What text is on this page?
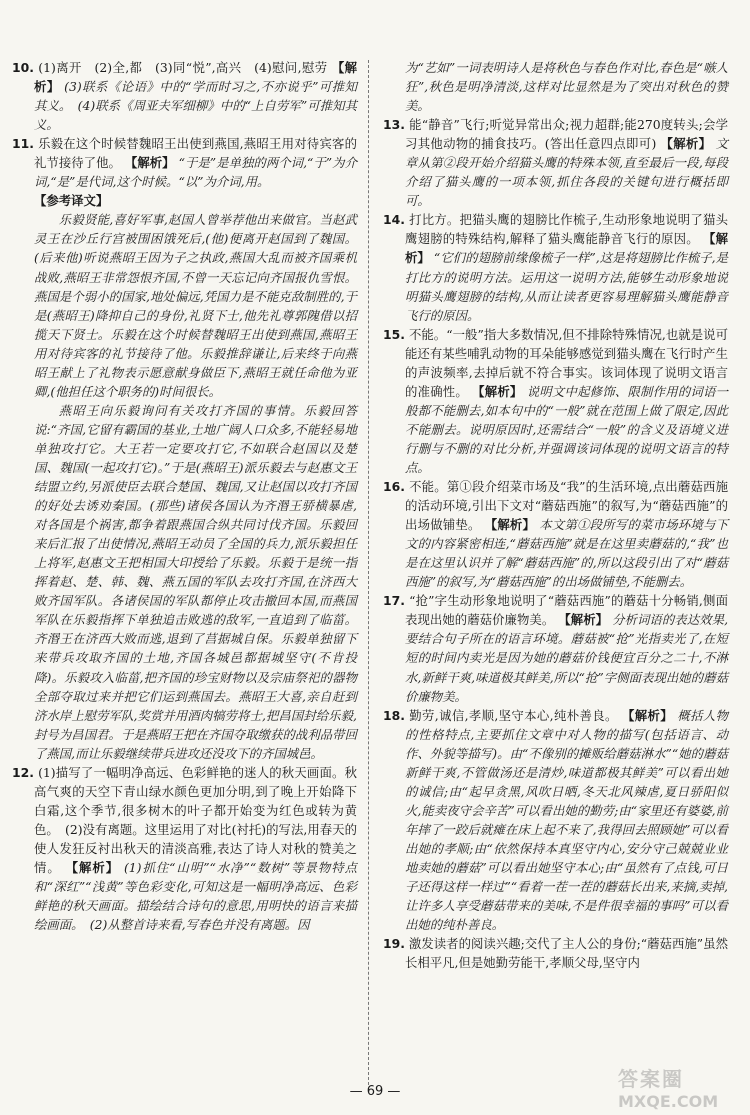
10. (1)离开　(2)全,都　(3)同“悦”,高兴　(4)慰问,慰劳 【解析】 (3)联系《论语》中的“学而时习之,不亦说乎”可推知其义。　(4)联系《周亚夫军细柳》中的“上自劳军”可推知其义。
11. 乐毅在这个时候替魏昭王出使到燕国,燕昭王用对待宾客的礼节接待了他。 【解析】 “于是”是单独的两个词,“于”为介词,“是”是代词,这个时候。“以”为介词,用。
【参考译文】
乐毅贤能,喜好军事,赵国人曾举荐他出来做官。当赵武灵王在沙丘行宫被围困饿死后,(他)便离开赵国到了魏国。(后来他)听说燕昭王因为子之执政,燕国大乱而被齐国乘机战败,燕昭王非常怨恨齐国,不曾一天忘记向齐国报仇雪恨。燕国是个弱小的国家,地处偏远,凭国力是不能克敌制胜的,于是(燕昭王)降抑自己的身份,礼贤下士,他先礼尊郭隗借以招揽天下贤士。乐毅在这个时候替魏昭王出使到燕国,燕昭王用对待宾客的礼节接待了他。乐毅推辞谦让,后来终于向燕昭王献上了礼物表示愿意献身做臣下,燕昭王就任命他为亚卿,(他担任这个职务的)时间很长。
燕昭王向乐毅询问有关攻打齐国的事情。乐毅回答说:“齐国,它留有霸国的基业,土地广阔人口众多,不能轻易地单独攻打它。大王若一定要攻打它,不如联合赵国以及楚国、魏国(一起攻打它)。”于是(燕昭王)派乐毅去与赵惠文王结盟立约,另派使臣去联合楚国、魏国,又让赵国以攻打齐国的好处去诱劝秦国。(那些)诸侯各国认为齐湣王骄横暴虐,对各国是个祸害,都争着跟燕国合纵共同讨伐齐国。乐毅回来后汇报了出使情况,燕昭王动员了全国的兵力,派乐毅担任上将军,赵惠文王把相国大印授给了乐毅。乐毅于是统一指挥着赵、楚、韩、魏、燕五国的军队去攻打齐国,在济西大败齐国军队。各诸侯国的军队都停止攻击撤回本国,而燕国军队在乐毅指挥下单独追击败逃的敌军,一直追到了临菑。齐湣王在济西大败而逃,退到了莒据城自保。乐毅单独留下来带兵攻取齐国的土地,齐国各城邑都据城坚守(不肯投降)。乐毅攻入临菑,把齐国的珍宝财物以及宗庙祭祀的器物全部夺取过来并把它们运到燕国去。燕昭王大喜,亲自赶到济水岸上慰劳军队,奖赏并用酒肉犒劳将士,把昌国封给乐毅,封号为昌国君。于是燕昭王把在齐国夺取缴获的战利品带回了燕国,而让乐毅继续带兵进攻还没攻下的齐国城邑。
12. (1)描写了一幅明净高远、色彩鲜艳的迷人的秋天画面。秋高气爽的天空下青山绿水颜色更加分明,到了晚上开始降下白霜,这个季节,很多树木的叶子都开始变为红色或转为黄色。　(2)没有离题。这里运用了对比(衬托)的写法,用春天的使人发狂反衬出秋天的清淡高雅,表达了诗人对秋的赞美之情。 【解析】 (1)抓住“山明”“水净”“数树”等景物特点和“深红”“浅黄”等色彩变化,可知这是一幅明净高远、色彩鲜艳的秋天画面。描绘结合诗句的意思,用明快的语言来描绘画面。　(2)从整首诗来看,写春色并没有离题。因
为“艺如”一词表明诗人是将秋色与春色作对比,春色是“嗾人狂”,秋色是明净清淡,这样对比显然是为了突出对秋色的赞美。
13. 能“静音”飞行;听觉异常出众;视力超群;能270度转头;会学习其他动物的捕食技巧。(答出任意四点即可) 【解析】 文章从第②段开始介绍猫头鹰的特殊本领,直至最后一段,每段介绍了猫头鹰的一项本领,抓住各段的关键句进行概括即可。
14. 打比方。把猫头鹰的翅膀比作梳子,生动形象地说明了猫头鹰翅膀的特殊结构,解释了猫头鹰能静音飞行的原因。 【解析】 “它们的翅膀前缘像梳子一样”,这是将翅膀比作梳子,是打比方的说明方法。运用这一说明方法,能够生动形象地说明猫头鹰翅膀的结构,从而让读者更容易理解猫头鹰能静音飞行的原因。
15. 不能。“一般”指大多数情况,但不排除特殊情况,也就是说可能还有某些哺乳动物的耳朵能够感觉到猫头鹰在飞行时产生的声波频率,去掉后就不符合事实。该词体现了说明文语言的准确性。 【解析】 说明文中起修饰、限制作用的词语一般都不能删去,如本句中的“一般”就在范围上做了限定,因此不能删去。说明原因时,还需结合“一般”的含义及语境义进行删与不删的对比分析,并强调该词体现的说明文语言的特点。
16. 不能。第①段介绍菜市场及“我”的生活环境,点出蘑菇西施的活动环境,引出下文对“蘑菇西施”的叙写,为“蘑菇西施”的出场做铺垫。 【解析】 本文第①段所写的菜市场环境与下文的内容紧密相连,“蘑菇西施”就是在这里卖蘑菇的,“我”也是在这里认识并了解“蘑菇西施”的,所以这段引出了对“蘑菇西施”的叙写,为“蘑菇西施”的出场做铺垫,不能删去。
17. “抢”字生动形象地说明了“蘑菇西施”的蘑菇十分畅销,侧面表现出她的蘑菇价廉物美。 【解析】 分析词语的表达效果,要结合句子所在的语言环境。蘑菇被“抢”光指卖光了,在短短的时间内卖光是因为她的蘑菇价钱便宜百分之二十,不淋水,新鲜干爽,味道极其鲜美,所以“抢”字侧面表现出她的蘑菇价廉物美。
18. 勤劳,诚信,孝顺,坚守本心,纯朴善良。 【解析】 概括人物的性格特点,主要抓住文章中对人物的描写(包括语言、动作、外貌等描写)。由“不像别的摊贩给蘑菇淋水”“她的蘑菇新鲜干爽,不管做汤还是清炒,味道都极其鲜美”可以看出她的诚信;由“起早贪黑,风吹日晒,冬天北风辣虐,夏日骄阳似火,能卖夜守会辛苦”可以看出她的勤劳;由“家里还有婆婆,前年摔了一跤后就瘫在床上起不来了,我得回去照顾她”可以看出她的孝顺;由“依然保持本真坚守内心,安分守己兢兢业业地卖她的蘑菇”可以看出她坚守本心;由“虽然有了点钱,可日子还得这样一样过”“看着一茬一茬的蘑菇长出来,来摘,卖掉,让许多人享受蘑菇带来的美味,不是件很幸福的事吗”可以看出她的纯朴善良。
19. 激发读者的阅读兴趣;交代了主人公的身份;“蘑菇西施”虽然长相平凡,但是她勤劳能干,孝顺父母,坚守内
— 69 —
答案圈
MXQE.COM
